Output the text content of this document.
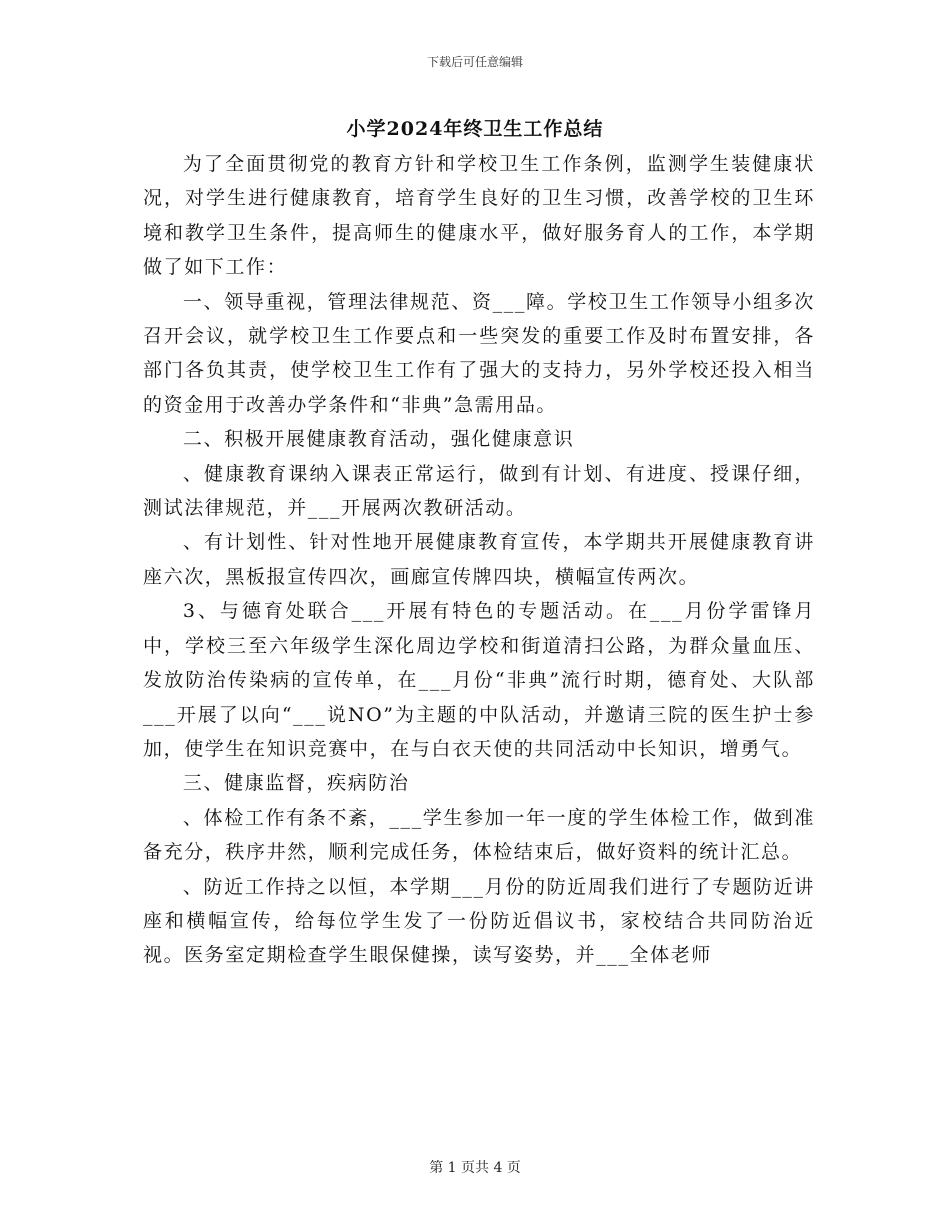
下载后可任意编辑
小学2024年终卫生工作总结

为了全面贯彻党的教育方针和学校卫生工作条例，监测学生装健康状况，对学生进行健康教育，培育学生良好的卫生习惯，改善学校的卫生环境和教学卫生条件，提高师生的健康水平，做好服务育人的工作，本学期做了如下工作：

一、领导重视，管理法律规范、资___障。学校卫生工作领导小组多次召开会议，就学校卫生工作要点和一些突发的重要工作及时布置安排，各部门各负其责，使学校卫生工作有了强大的支持力，另外学校还投入相当的资金用于改善办学条件和“非典”急需用品。

二、积极开展健康教育活动，强化健康意识

、健康教育课纳入课表正常运行，做到有计划、有进度、授课仔细，测试法律规范，并___开展两次教研活动。

、有计划性、针对性地开展健康教育宣传，本学期共开展健康教育讲座六次，黑板报宣传四次，画廊宣传牌四块，横幅宣传两次。

3、与德育处联合___开展有特色的专题活动。在___月份学雷锋月中，学校三至六年级学生深化周边学校和街道清扫公路，为群众量血压、发放防治传染病的宣传单，在___月份“非典”流行时期，德育处、大队部___开展了以向“___说NO”为主题的中队活动，并邀请三院的医生护士参加，使学生在知识竞赛中，在与白衣天使的共同活动中长知识，增勇气。

三、健康监督，疾病防治

、体检工作有条不紊，___学生参加一年一度的学生体检工作，做到准备充分，秩序井然，顺利完成任务，体检结束后，做好资料的统计汇总。

、防近工作持之以恒，本学期___月份的防近周我们进行了专题防近讲座和横幅宣传，给每位学生发了一份防近倡议书，家校结合共同防治近视。医务室定期检查学生眼保健操，读写姿势，并___全体老师

第 1 页共 4 页
